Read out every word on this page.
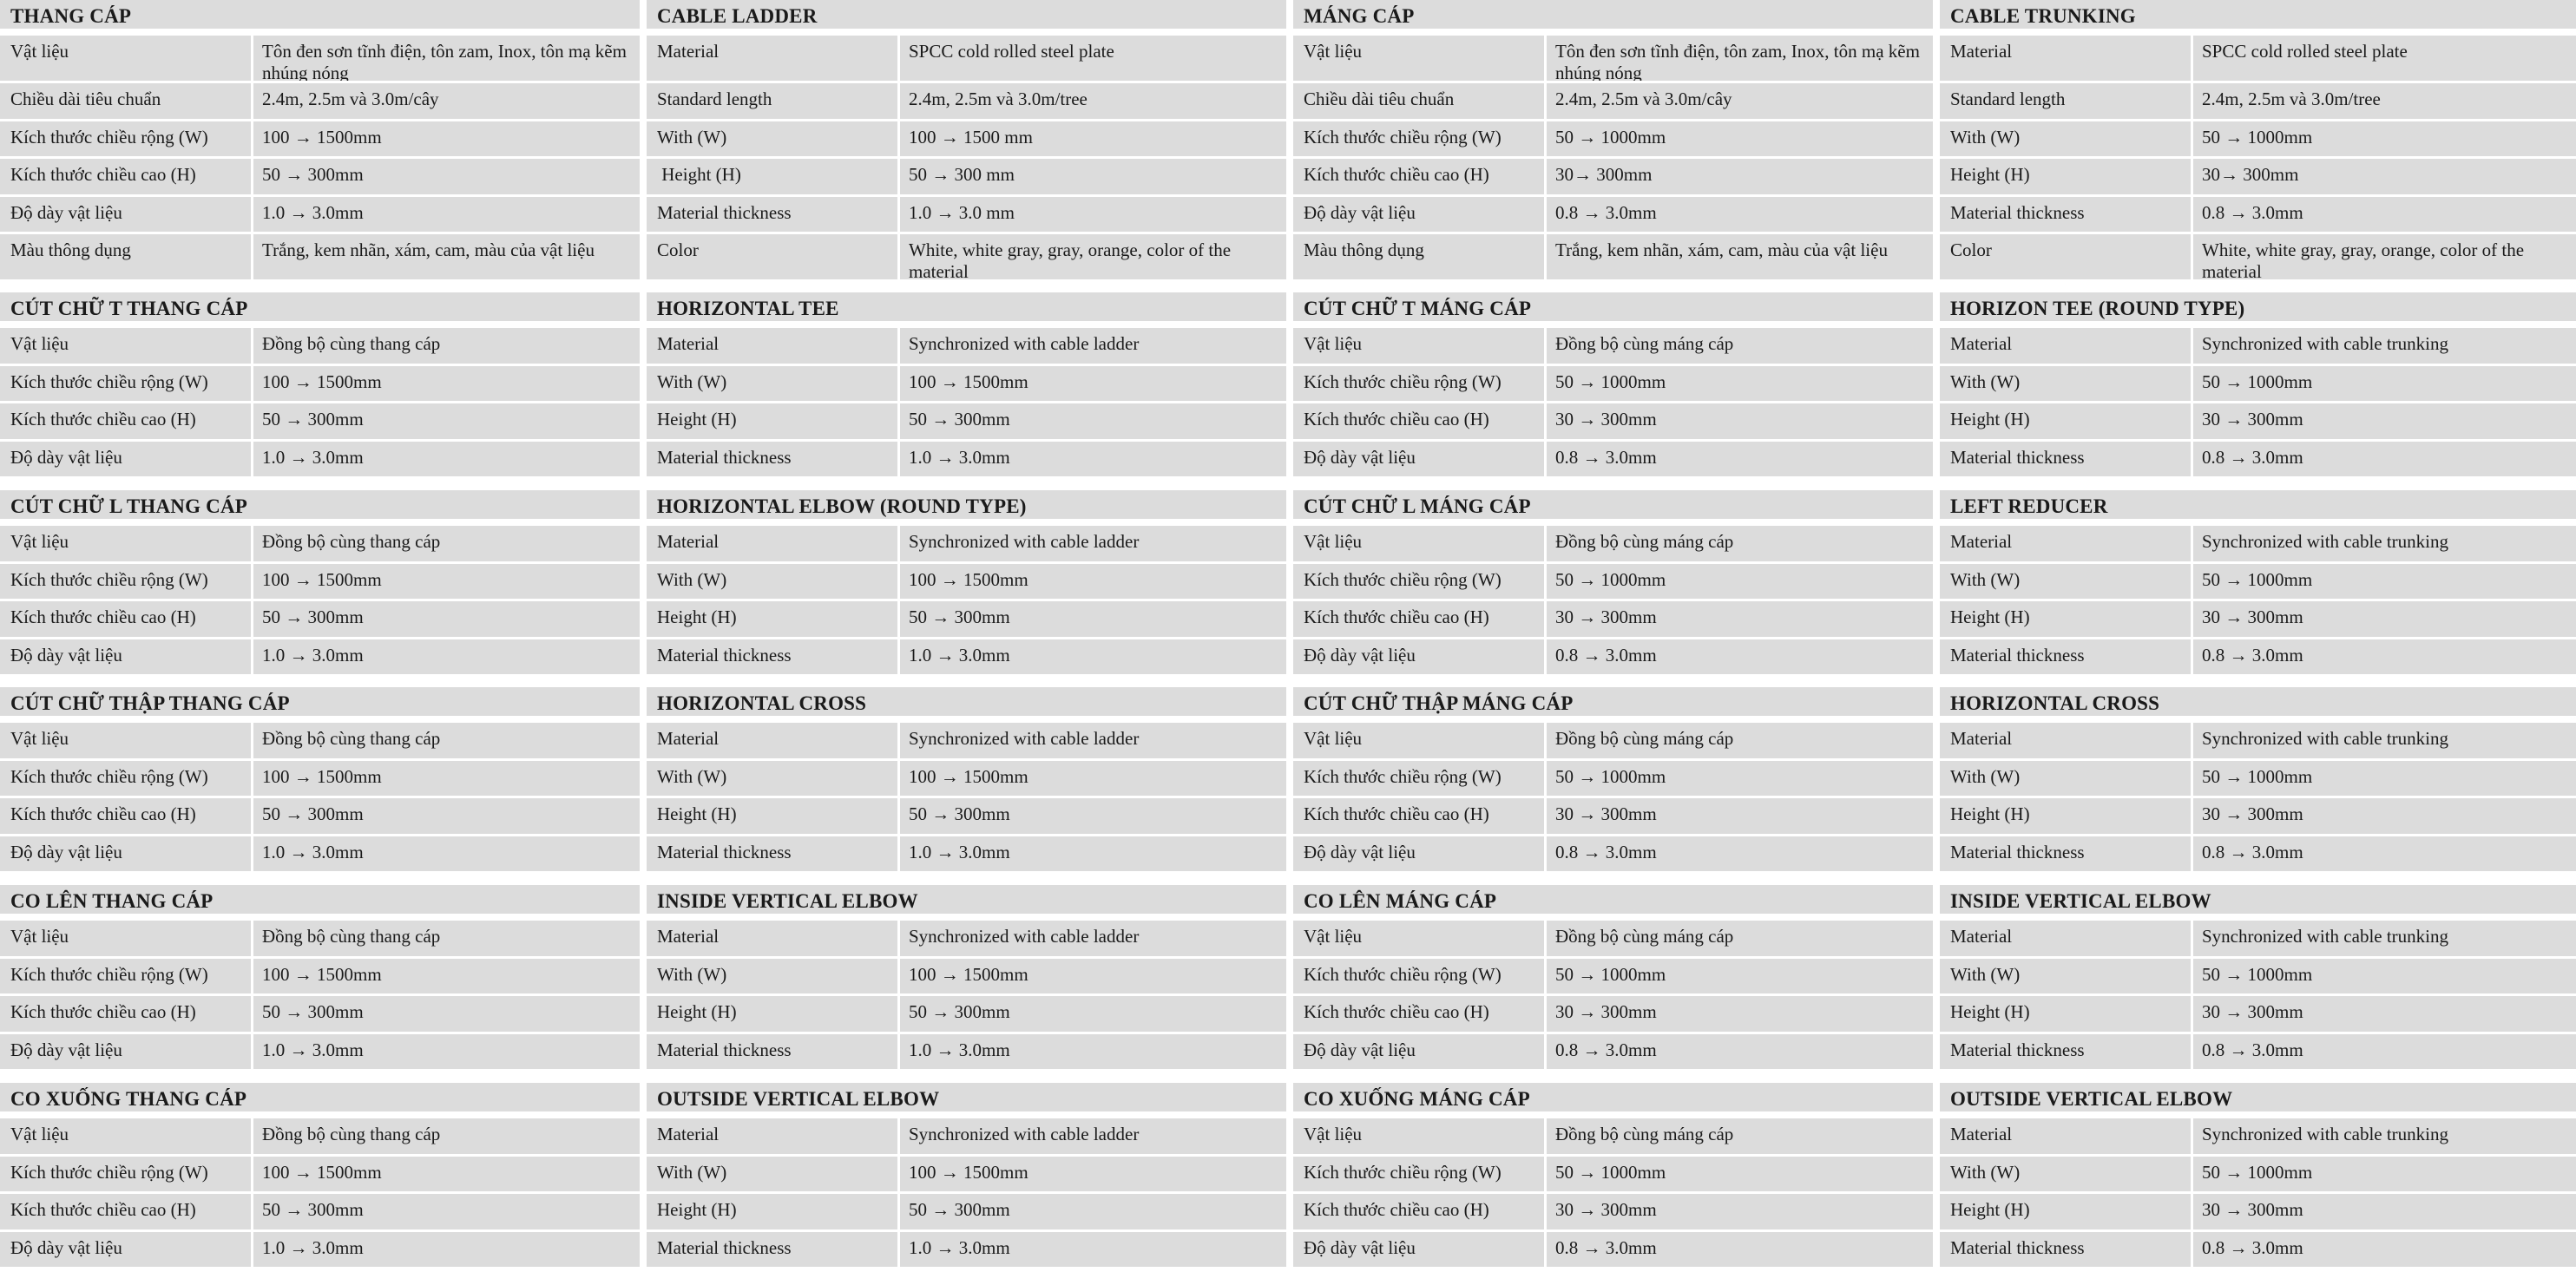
THANG CÁP
Vật liệu	Tôn đen sơn tĩnh điện, tôn zam, Inox, tôn mạ kẽm nhúng nóng
Chiều dài tiêu chuẩn	2.4m, 2.5m và 3.0m/cây
Kích thước chiều rộng (W)	100 → 1500mm
Kích thước chiều cao (H)	50 → 300mm
Độ dày vật liệu	1.0 → 3.0mm
Màu thông dụng	Trắng, kem nhãn, xám, cam, màu của vật liệu
CÚT CHỮ T THANG CÁP
Vật liệu	Đồng bộ cùng thang cáp
Kích thước chiều rộng (W)	100 → 1500mm
Kích thước chiều cao (H)	50 → 300mm
Độ dày vật liệu	1.0 → 3.0mm
CÚT CHỮ L THANG CÁP
Vật liệu	Đồng bộ cùng thang cáp
Kích thước chiều rộng (W)	100 → 1500mm
Kích thước chiều cao (H)	50 → 300mm
Độ dày vật liệu	1.0 → 3.0mm
CÚT CHỮ THẬP THANG CÁP
Vật liệu	Đồng bộ cùng thang cáp
Kích thước chiều rộng (W)	100 → 1500mm
Kích thước chiều cao (H)	50 → 300mm
Độ dày vật liệu	1.0 → 3.0mm
CO LÊN THANG CÁP
Vật liệu	Đồng bộ cùng thang cáp
Kích thước chiều rộng (W)	100 → 1500mm
Kích thước chiều cao (H)	50 → 300mm
Độ dày vật liệu	1.0 → 3.0mm
CO XUỐNG THANG CÁP
Vật liệu	Đồng bộ cùng thang cáp
Kích thước chiều rộng (W)	100 → 1500mm
Kích thước chiều cao (H)	50 → 300mm
Độ dày vật liệu	1.0 → 3.0mm
CABLE LADDER
Material	SPCC cold rolled steel plate
Standard length	2.4m, 2.5m và 3.0m/tree
With (W)	100 → 1500 mm
Height (H)	50 → 300 mm
Material thickness	1.0 → 3.0 mm
Color	White, white gray, gray, orange, color of the material
HORIZONTAL TEE
Material	Synchronized with cable ladder
With (W)	100 → 1500mm
Height (H)	50 → 300mm
Material thickness	1.0 → 3.0mm
HORIZONTAL ELBOW (ROUND TYPE)
Material	Synchronized with cable ladder
With (W)	100 → 1500mm
Height (H)	50 → 300mm
Material thickness	1.0 → 3.0mm
HORIZONTAL CROSS
Material	Synchronized with cable ladder
With (W)	100 → 1500mm
Height (H)	50 → 300mm
Material thickness	1.0 → 3.0mm
INSIDE VERTICAL ELBOW
Material	Synchronized with cable ladder
With (W)	100 → 1500mm
Height (H)	50 → 300mm
Material thickness	1.0 → 3.0mm
OUTSIDE VERTICAL ELBOW
Material	Synchronized with cable ladder
With (W)	100 → 1500mm
Height (H)	50 → 300mm
Material thickness	1.0 → 3.0mm
MÁNG CÁP
Vật liệu	Tôn đen sơn tĩnh điện, tôn zam, Inox, tôn mạ kẽm nhúng nóng
Chiều dài tiêu chuẩn	2.4m, 2.5m và 3.0m/cây
Kích thước chiều rộng (W)	50 → 1000mm
Kích thước chiều cao (H)	30→ 300mm
Độ dày vật liệu	0.8 → 3.0mm
Màu thông dụng	Trắng, kem nhãn, xám, cam, màu của vật liệu
CÚT CHỮ T MÁNG CÁP
Vật liệu	Đồng bộ cùng máng cáp
Kích thước chiều rộng (W)	50 → 1000mm
Kích thước chiều cao (H)	30 → 300mm
Độ dày vật liệu	0.8 → 3.0mm
CÚT CHỮ L MÁNG CÁP
Vật liệu	Đồng bộ cùng máng cáp
Kích thước chiều rộng (W)	50 → 1000mm
Kích thước chiều cao (H)	30 → 300mm
Độ dày vật liệu	0.8 → 3.0mm
CÚT CHỮ THẬP MÁNG CÁP
Vật liệu	Đồng bộ cùng máng cáp
Kích thước chiều rộng (W)	50 → 1000mm
Kích thước chiều cao (H)	30 → 300mm
Độ dày vật liệu	0.8 → 3.0mm
CO LÊN MÁNG CÁP
Vật liệu	Đồng bộ cùng máng cáp
Kích thước chiều rộng (W)	50 → 1000mm
Kích thước chiều cao (H)	30 → 300mm
Độ dày vật liệu	0.8 → 3.0mm
CO XUỐNG MÁNG CÁP
Vật liệu	Đồng bộ cùng máng cáp
Kích thước chiều rộng (W)	50 → 1000mm
Kích thước chiều cao (H)	30 → 300mm
Độ dày vật liệu	0.8 → 3.0mm
CABLE TRUNKING
Material	SPCC cold rolled steel plate
Standard length	2.4m, 2.5m và 3.0m/tree
With (W)	50 → 1000mm
Height (H)	30→ 300mm
Material thickness	0.8 → 3.0mm
Color	White, white gray, gray, orange, color of the material
HORIZON TEE (ROUND TYPE)
Material	Synchronized with cable trunking
With (W)	50 → 1000mm
Height (H)	30 → 300mm
Material thickness	0.8 → 3.0mm
LEFT REDUCER
Material	Synchronized with cable trunking
With (W)	50 → 1000mm
Height (H)	30 → 300mm
Material thickness	0.8 → 3.0mm
HORIZONTAL CROSS
Material	Synchronized with cable trunking
With (W)	50 → 1000mm
Height (H)	30 → 300mm
Material thickness	0.8 → 3.0mm
INSIDE VERTICAL ELBOW
Material	Synchronized with cable trunking
With (W)	50 → 1000mm
Height (H)	30 → 300mm
Material thickness	0.8 → 3.0mm
OUTSIDE VERTICAL ELBOW
Material	Synchronized with cable trunking
With (W)	50 → 1000mm
Height (H)	30 → 300mm
Material thickness	0.8 → 3.0mm
